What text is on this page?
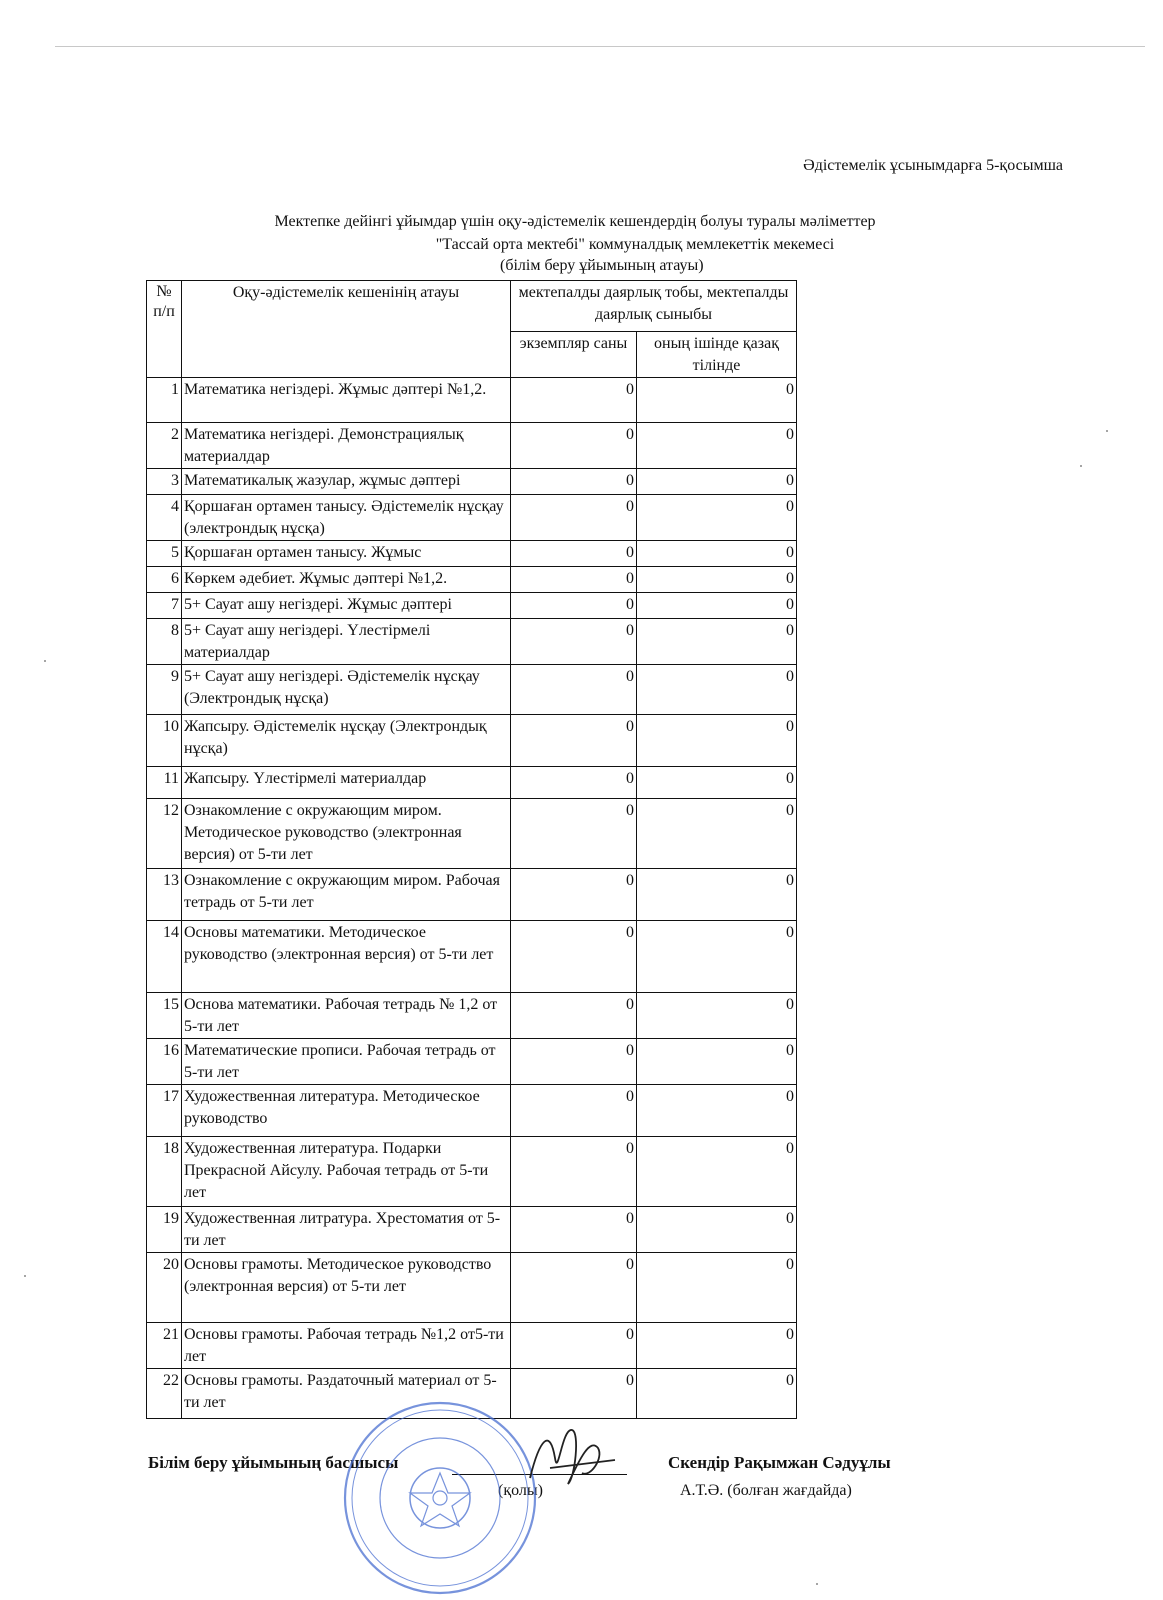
Әдістемелік ұсынымдарға 5-қосымша
Мектепке дейінгі ұйымдар үшін оқу-әдістемелік кешендердің болуы туралы мәліметтер
"Тассай орта мектебі" коммуналдық мемлекеттік мекемесі
(білім беру ұйымының атауы)
№ п/п	Оқу-әдістемелік кешенінің атауы	мектепалды даярлық тобы, мектепалды даярлық сыныбы	
		экземпляр саны	оның ішінде қазақ тілінде
1	Математика негіздері. Жұмыс дәптері №1,2.	0	0
2	Математика негіздері. Демонстрациялық материалдар	0	0
3	Математикалық жазулар, жұмыс дәптері	0	0
4	Қоршаған ортамен танысу. Әдістемелік нұсқау (электрондық нұсқа)	0	0
5	Қоршаған ортамен танысу. Жұмыс	0	0
6	Көркем әдебиет. Жұмыс дәптері №1,2.	0	0
7	5+ Сауат ашу негіздері. Жұмыс дәптері	0	0
8	5+ Сауат ашу негіздері. Үлестірмелі материалдар	0	0
9	5+ Сауат ашу негіздері. Әдістемелік нұсқау (Электрондық нұсқа)	0	0
10	Жапсыру. Әдістемелік нұсқау (Электрондық нұсқа)	0	0
11	Жапсыру. Үлестірмелі материалдар	0	0
12	Ознакомление с окружающим миром. Методическое руководство (электронная версия) от 5-ти лет	0	0
13	Ознакомление с окружающим миром. Рабочая тетрадь от 5-ти лет	0	0
14	Основы математики. Методическое руководство (электронная версия) от 5-ти лет	0	0
15	Основа математики. Рабочая тетрадь № 1,2 от 5-ти лет	0	0
16	Математические прописи. Рабочая тетрадь от 5-ти лет	0	0
17	Художественная литература. Методическое руководство	0	0
18	Художественная литература. Подарки Прекрасной Айсулу. Рабочая тетрадь от 5-ти лет	0	0
19	Художественная литратура. Хрестоматия от 5-ти лет	0	0
20	Основы грамоты. Методическое руководство (электронная версия) от 5-ти лет	0	0
21	Основы грамоты. Рабочая тетрадь №1,2 от5-ти лет	0	0
22	Основы грамоты. Раздаточный материал от 5-ти лет	0	0
Білім беру ұйымының басшысы
(қолы)
Скендір Рақымжан Сәдуұлы
А.Т.Ә. (болған жағдайда)
